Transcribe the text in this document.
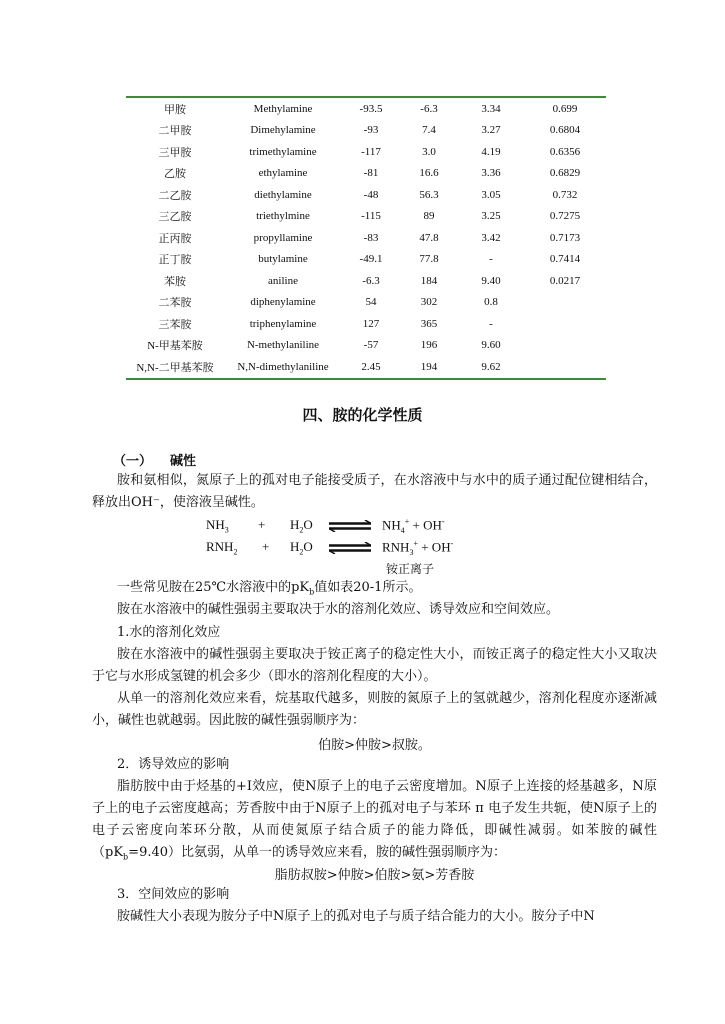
甲胺	Methylamine	-93.5	-6.3	3.34	0.699
二甲胺	Dimehylamine	-93	7.4	3.27	0.6804
三甲胺	trimethylamine	-117	3.0	4.19	0.6356
乙胺	ethylamine	-81	16.6	3.36	0.6829
二乙胺	diethylamine	-48	56.3	3.05	0.732
三乙胺	triethylmine	-115	89	3.25	0.7275
正丙胺	propyllamine	-83	47.8	3.42	0.7173
正丁胺	butylamine	-49.1	77.8	-	0.7414
苯胺	aniline	-6.3	184	9.40	0.0217
二苯胺	diphenylamine	54	302	0.8	
三苯胺	triphenylamine	127	365	-	
N-甲基苯胺	N-methylaniline	-57	196	9.60	
N,N-二甲基苯胺	N,N-dimethylaniline	2.45	194	9.62	
四、胺的化学性质
（一） 碱性
胺和氨相似，氮原子上的孤对电子能接受质子，在水溶液中与水中的质子通过配位键相结合，释放出OH⁻，使溶液呈碱性。
$NH_3 + H_2O$ ⇌ $NH_4^+ + OH^-$
$RNH_2 + H_2O$ ⇌ $RNH_3^+ + OH^-$
铵正离子
一些常见胺在25℃水溶液中的$pK_b$值如表20-1所示。
胺在水溶液中的碱性强弱主要取决于水的溶剂化效应、诱导效应和空间效应。
1.水的溶剂化效应
胺在水溶液中的碱性强弱主要取决于铵正离子的稳定性大小，而铵正离子的稳定性大小又取决于它与水形成氢键的机会多少（即水的溶剂化程度的大小）。
从单一的溶剂化效应来看，烷基取代越多，则胺的氮原子上的氢就越少，溶剂化程度亦逐渐减小，碱性也就越弱。因此胺的碱性强弱顺序为：
伯胺>仲胺>叔胺。
2．诱导效应的影响
脂肪胺中由于烃基的+I效应，使N原子上的电子云密度增加。N原子上连接的烃基越多，N原子上的电子云密度越高；芳香胺中由于N原子上的孤对电子与苯环 π 电子发生共轭，使N原子上的电子云密度向苯环分散，从而使氮原子结合质子的能力降低，即碱性减弱。如苯胺的碱性$(pK_b=9.40)$比氨弱，从单一的诱导效应来看，胺的碱性强弱顺序为：
脂肪叔胺>仲胺>伯胺>氨>芳香胺
3．空间效应的影响
胺碱性大小表现为胺分子中N原子上的孤对电子与质子结合能力的大小。胺分子中N
